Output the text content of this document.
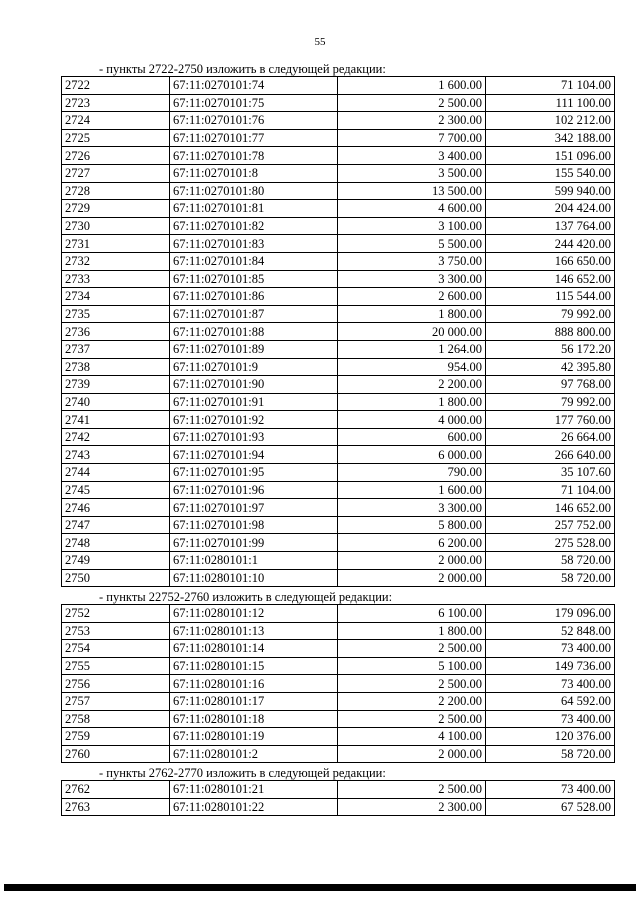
55
- пункты 2722-2750 изложить в следующей редакции:
2722	67:11:0270101:74	1 600.00	71 104.00
2723	67:11:0270101:75	2 500.00	111 100.00
2724	67:11:0270101:76	2 300.00	102 212.00
2725	67:11:0270101:77	7 700.00	342 188.00
2726	67:11:0270101:78	3 400.00	151 096.00
2727	67:11:0270101:8	3 500.00	155 540.00
2728	67:11:0270101:80	13 500.00	599 940.00
2729	67:11:0270101:81	4 600.00	204 424.00
2730	67:11:0270101:82	3 100.00	137 764.00
2731	67:11:0270101:83	5 500.00	244 420.00
2732	67:11:0270101:84	3 750.00	166 650.00
2733	67:11:0270101:85	3 300.00	146 652.00
2734	67:11:0270101:86	2 600.00	115 544.00
2735	67:11:0270101:87	1 800.00	79 992.00
2736	67:11:0270101:88	20 000.00	888 800.00
2737	67:11:0270101:89	1 264.00	56 172.20
2738	67:11:0270101:9	954.00	42 395.80
2739	67:11:0270101:90	2 200.00	97 768.00
2740	67:11:0270101:91	1 800.00	79 992.00
2741	67:11:0270101:92	4 000.00	177 760.00
2742	67:11:0270101:93	600.00	26 664.00
2743	67:11:0270101:94	6 000.00	266 640.00
2744	67:11:0270101:95	790.00	35 107.60
2745	67:11:0270101:96	1 600.00	71 104.00
2746	67:11:0270101:97	3 300.00	146 652.00
2747	67:11:0270101:98	5 800.00	257 752.00
2748	67:11:0270101:99	6 200.00	275 528.00
2749	67:11:0280101:1	2 000.00	58 720.00
2750	67:11:0280101:10	2 000.00	58 720.00
- пункты 22752-2760 изложить в следующей редакции:
2752	67:11:0280101:12	6 100.00	179 096.00
2753	67:11:0280101:13	1 800.00	52 848.00
2754	67:11:0280101:14	2 500.00	73 400.00
2755	67:11:0280101:15	5 100.00	149 736.00
2756	67:11:0280101:16	2 500.00	73 400.00
2757	67:11:0280101:17	2 200.00	64 592.00
2758	67:11:0280101:18	2 500.00	73 400.00
2759	67:11:0280101:19	4 100.00	120 376.00
2760	67:11:0280101:2	2 000.00	58 720.00
- пункты 2762-2770 изложить в следующей редакции:
2762	67:11:0280101:21	2 500.00	73 400.00
2763	67:11:0280101:22	2 300.00	67 528.00
